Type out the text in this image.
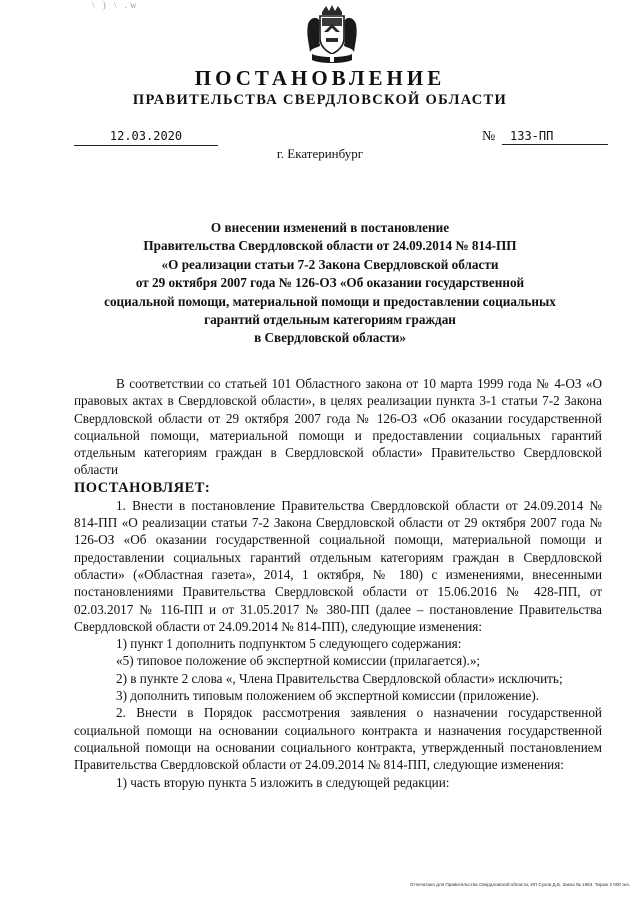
\ ) \ .w
ПОСТАНОВЛЕНИЕ
ПРАВИТЕЛЬСТВА СВЕРДЛОВСКОЙ ОБЛАСТИ
12.03.2020	№	133-ПП
г. Екатеринбург
О внесении изменений в постановление
Правительства Свердловской области от 24.09.2014 № 814-ПП
«О реализации статьи 7-2 Закона Свердловской области
от 29 октября 2007 года № 126-ОЗ «Об оказании государственной
социальной помощи, материальной помощи и предоставлении социальных
гарантий отдельным категориям граждан
в Свердловской области»

В соответствии со статьей 101 Областного закона от 10 марта 1999 года № 4-ОЗ «О правовых актах в Свердловской области», в целях реализации пункта 3-1 статьи 7-2 Закона Свердловской области от 29 октября 2007 года № 126-ОЗ «Об оказании государственной социальной помощи, материальной помощи и предоставлении социальных гарантий отдельным категориям граждан в Свердловской области» Правительство Свердловской области

ПОСТАНОВЛЯЕТ:

1. Внести в постановление Правительства Свердловской области от 24.09.2014 № 814-ПП «О реализации статьи 7-2 Закона Свердловской области от 29 октября 2007 года № 126-ОЗ «Об оказании государственной социальной помощи, материальной помощи и предоставлении социальных гарантий отдельным категориям граждан в Свердловской области» («Областная газета», 2014, 1 октября, № 180) с изменениями, внесенными постановлениями Правительства Свердловской области от 15.06.2016 № 428-ПП, от 02.03.2017 № 116-ПП и от 31.05.2017 № 380-ПП (далее – постановление Правительства Свердловской области от 24.09.2014 № 814-ПП), следующие изменения:

1) пункт 1 дополнить подпунктом 5 следующего содержания:

«5) типовое положение об экспертной комиссии (прилагается).»;

2) в пункте 2 слова «, Члена Правительства Свердловской области» исключить;

3) дополнить типовым положением об экспертной комиссии (приложение).

2. Внести в Порядок рассмотрения заявления о назначении государственной социальной помощи на основании социального контракта и назначения государственной социальной помощи на основании социального контракта, утвержденный постановлением Правительства Свердловской области от 24.09.2014 № 814-ПП, следующие изменения:

1) часть вторую пункта 5 изложить в следующей редакции:

Отпечатано для Правительства Свердловской области, ИП Сухов Д.Б. Заказ № 1963. Тираж 2 000 экз.
